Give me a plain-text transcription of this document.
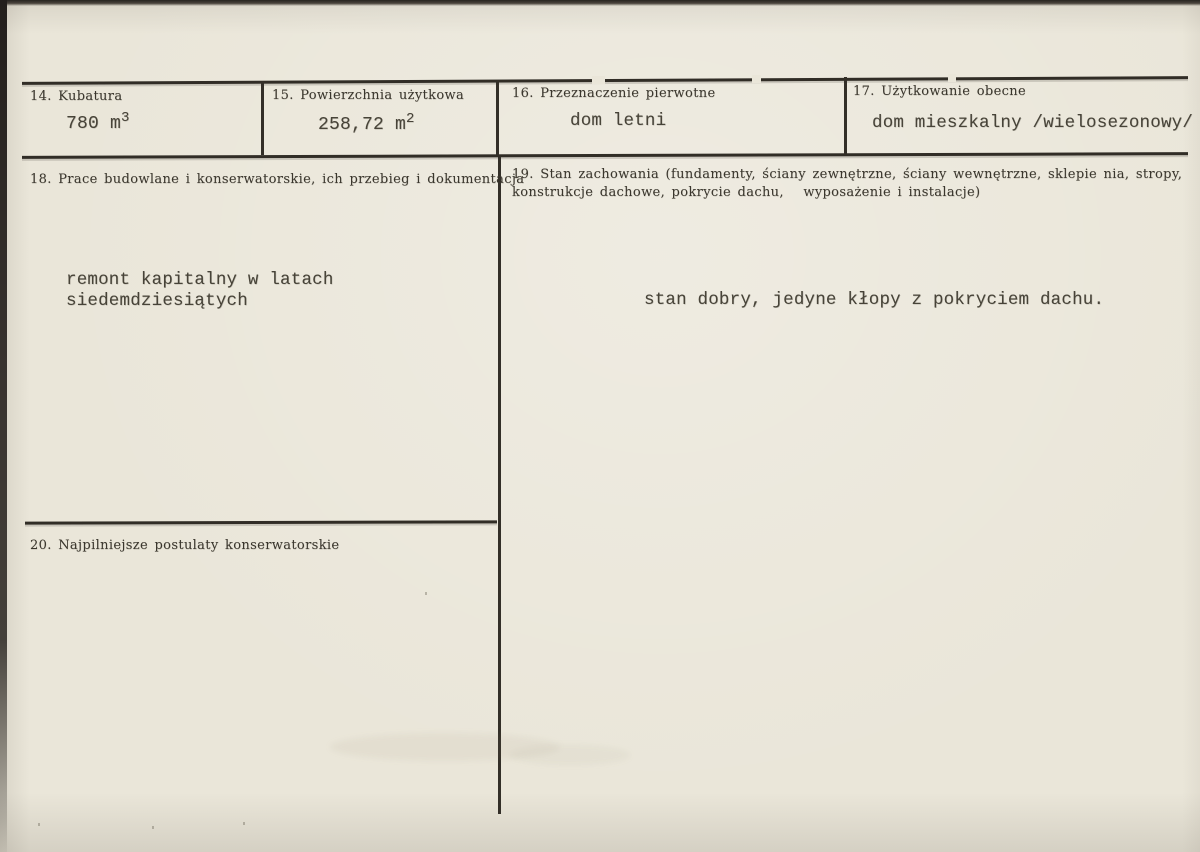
14. Kubatura
780 m3
15. Powierzchnia użytkowa
258,72 m2
16. Przeznaczenie pierwotne
dom letni
17. Użytkowanie obecne
dom mieszkalny /wielosezonowy/
18. Prace budowlane i konserwatorskie, ich przebieg i dokumentacja
remont kapitalny w latach
siedemdziesiątych
19. Stan zachowania (fundamenty, ściany zewnętrzne, ściany wewnętrzne, sklepie nia, stropy,
konstrukcje dachowe, pokrycie dachu,   wyposażenie i instalacje)
stan dobry, jedyne kłopy z pokryciem dachu.
20. Najpilniejsze postulaty konserwatorskie
